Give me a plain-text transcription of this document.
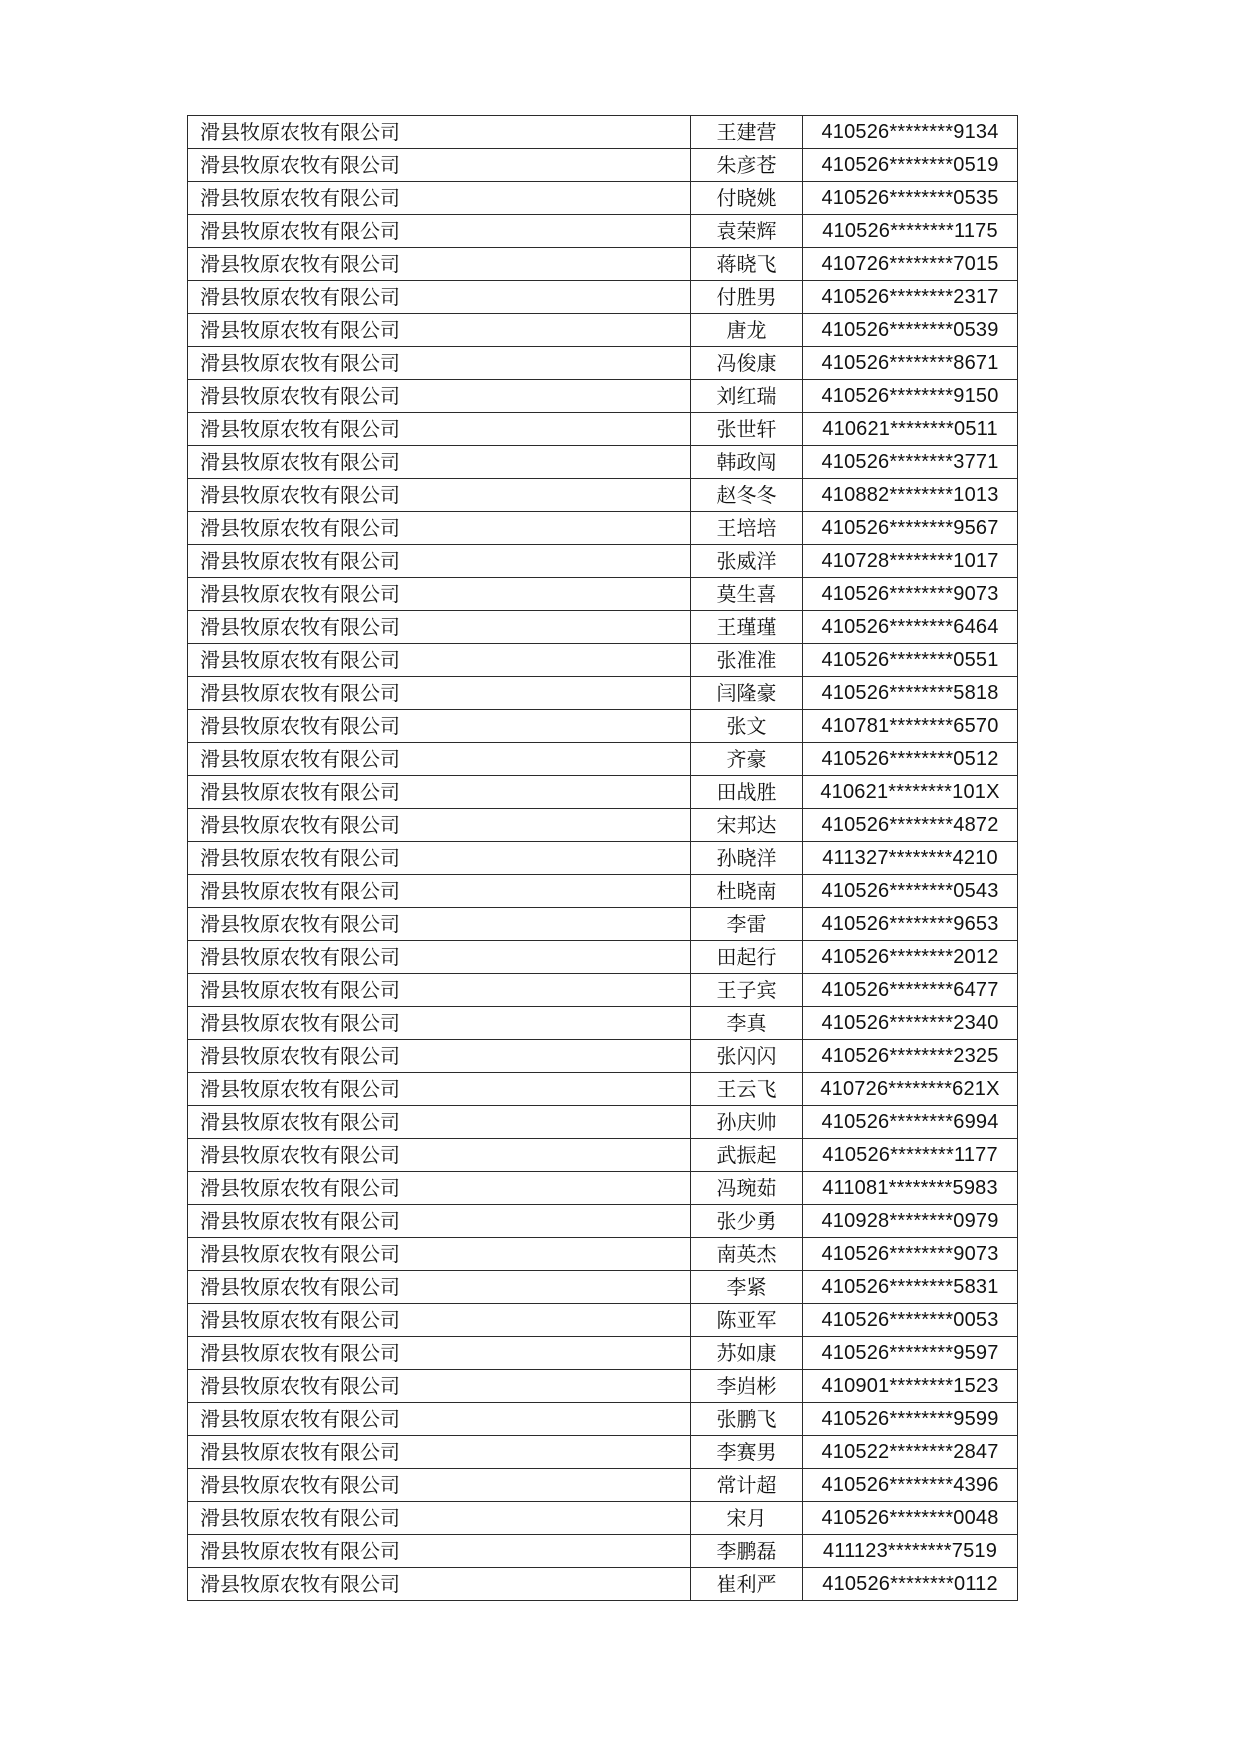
滑县牧原农牧有限公司	王建营	410526********9134
滑县牧原农牧有限公司	朱彦苍	410526********0519
滑县牧原农牧有限公司	付晓姚	410526********0535
滑县牧原农牧有限公司	袁荣辉	410526********1175
滑县牧原农牧有限公司	蒋晓飞	410726********7015
滑县牧原农牧有限公司	付胜男	410526********2317
滑县牧原农牧有限公司	唐龙	410526********0539
滑县牧原农牧有限公司	冯俊康	410526********8671
滑县牧原农牧有限公司	刘红瑞	410526********9150
滑县牧原农牧有限公司	张世轩	410621********0511
滑县牧原农牧有限公司	韩政闯	410526********3771
滑县牧原农牧有限公司	赵冬冬	410882********1013
滑县牧原农牧有限公司	王培培	410526********9567
滑县牧原农牧有限公司	张威洋	410728********1017
滑县牧原农牧有限公司	莫生喜	410526********9073
滑县牧原农牧有限公司	王瑾瑾	410526********6464
滑县牧原农牧有限公司	张准准	410526********0551
滑县牧原农牧有限公司	闫隆豪	410526********5818
滑县牧原农牧有限公司	张文	410781********6570
滑县牧原农牧有限公司	齐豪	410526********0512
滑县牧原农牧有限公司	田战胜	410621********101X
滑县牧原农牧有限公司	宋邦达	410526********4872
滑县牧原农牧有限公司	孙晓洋	411327********4210
滑县牧原农牧有限公司	杜晓南	410526********0543
滑县牧原农牧有限公司	李雷	410526********9653
滑县牧原农牧有限公司	田起行	410526********2012
滑县牧原农牧有限公司	王子宾	410526********6477
滑县牧原农牧有限公司	李真	410526********2340
滑县牧原农牧有限公司	张闪闪	410526********2325
滑县牧原农牧有限公司	王云飞	410726********621X
滑县牧原农牧有限公司	孙庆帅	410526********6994
滑县牧原农牧有限公司	武振起	410526********1177
滑县牧原农牧有限公司	冯琬茹	411081********5983
滑县牧原农牧有限公司	张少勇	410928********0979
滑县牧原农牧有限公司	南英杰	410526********9073
滑县牧原农牧有限公司	李紧	410526********5831
滑县牧原农牧有限公司	陈亚军	410526********0053
滑县牧原农牧有限公司	苏如康	410526********9597
滑县牧原农牧有限公司	李岿彬	410901********1523
滑县牧原农牧有限公司	张鹏飞	410526********9599
滑县牧原农牧有限公司	李赛男	410522********2847
滑县牧原农牧有限公司	常计超	410526********4396
滑县牧原农牧有限公司	宋月	410526********0048
滑县牧原农牧有限公司	李鹏磊	411123********7519
滑县牧原农牧有限公司	崔利严	410526********0112
